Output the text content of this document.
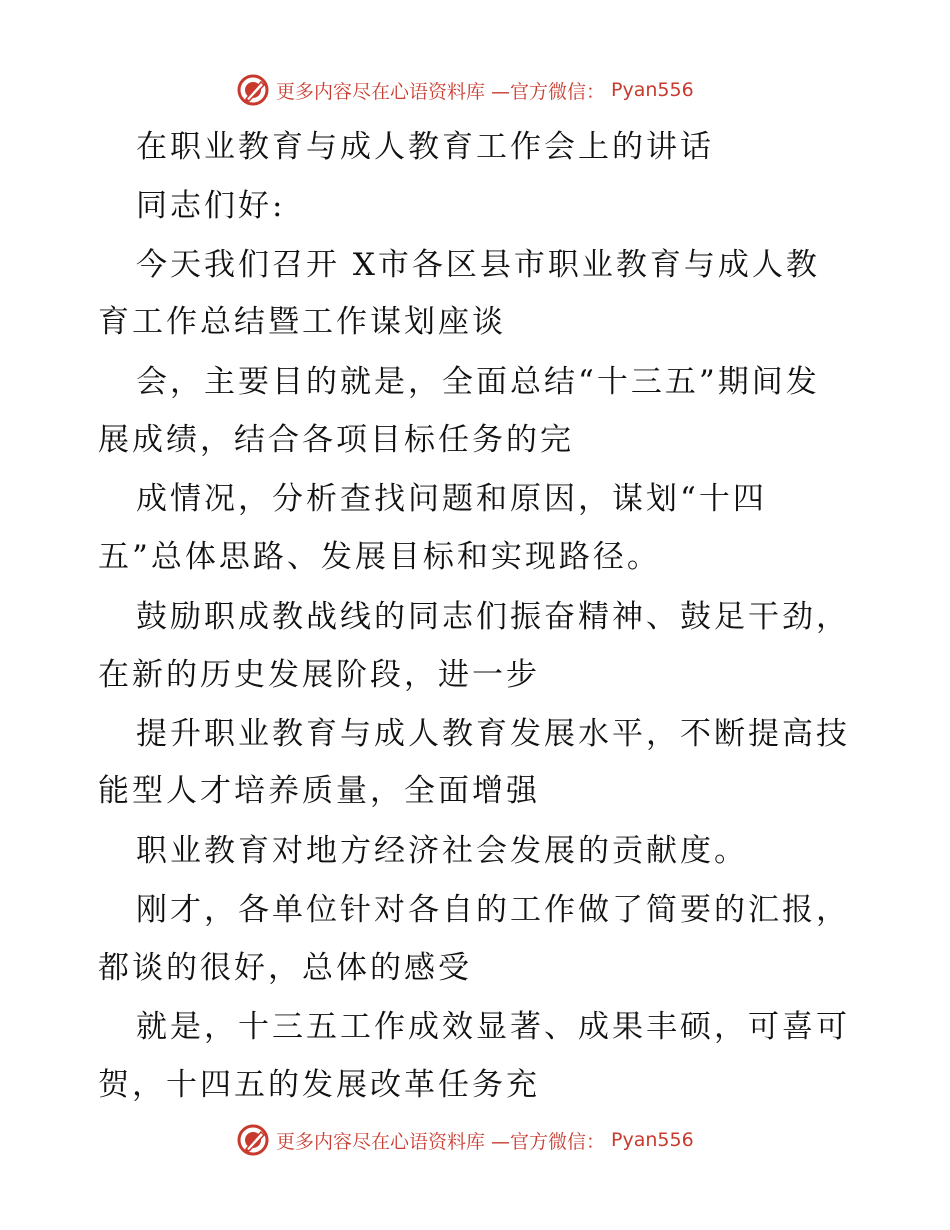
更多内容尽在心语资料库 —官方微信： Pyan556
在职业教育与成人教育工作会上的讲话
同志们好:
今天我们召开 X市各区县市职业教育与成人教
育工作总结暨工作谋划座谈
会，主要目的就是，全面总结“十三五”期间发
展成绩，结合各项目标任务的完
成情况，分析查找问题和原因，谋划“十四
五”总体思路、发展目标和实现路径。
鼓励职成教战线的同志们振奋精神、鼓足干劲，
在新的历史发展阶段，进一步
提升职业教育与成人教育发展水平，不断提高技
能型人才培养质量，全面增强
职业教育对地方经济社会发展的贡献度。
刚才，各单位针对各自的工作做了简要的汇报，
都谈的很好，总体的感受
就是，十三五工作成效显著、成果丰硕，可喜可
贺，十四五的发展改革任务充
更多内容尽在心语资料库 —官方微信： Pyan556
